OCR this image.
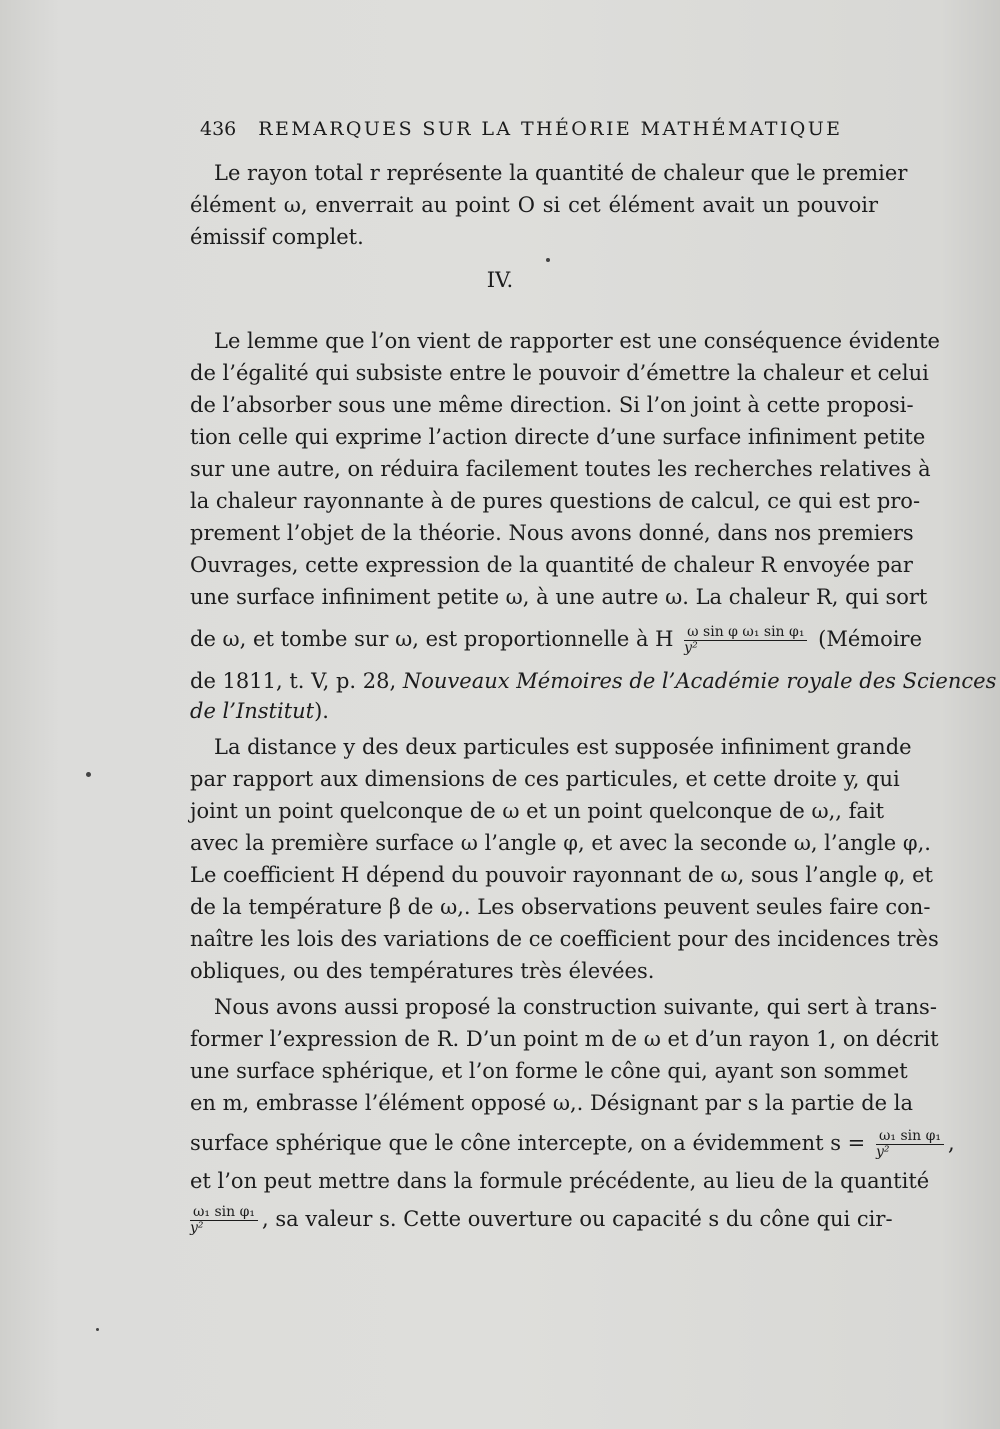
436 REMARQUES SUR LA THÉORIE MATHÉMATIQUE
Le rayon total r représente la quantité de chaleur que le premier
élément ω, enverrait au point O si cet élément avait un pouvoir
émissif complet.
IV.
Le lemme que l’on vient de rapporter est une conséquence évidente
de l’égalité qui subsiste entre le pouvoir d’émettre la chaleur et celui
de l’absorber sous une même direction. Si l’on joint à cette proposi-
tion celle qui exprime l’action directe d’une surface infiniment petite
sur une autre, on réduira facilement toutes les recherches relatives à
la chaleur rayonnante à de pures questions de calcul, ce qui est pro-
prement l’objet de la théorie. Nous avons donné, dans nos premiers
Ouvrages, cette expression de la quantité de chaleur R envoyée par
une surface infiniment petite ω, à une autre ω. La chaleur R, qui sort
de ω, et tombe sur ω, est proportionnelle à H $\frac{\text{ω sin φ ω₁ sin φ₁}}{\text{y²}}$ (Mémoire
de 1811, t. V, p. 28, Nouveaux Mémoires de l’Académie royale des Sciences
de l’Institut).
La distance y des deux particules est supposée infiniment grande
par rapport aux dimensions de ces particules, et cette droite y, qui
joint un point quelconque de ω et un point quelconque de ω,, fait
avec la première surface ω l’angle φ, et avec la seconde ω, l’angle φ,.
Le coefficient H dépend du pouvoir rayonnant de ω, sous l’angle φ, et
de la température β de ω,. Les observations peuvent seules faire con-
naître les lois des variations de ce coefficient pour des incidences très
obliques, ou des températures très élevées.
Nous avons aussi proposé la construction suivante, qui sert à trans-
former l’expression de R. D’un point m de ω et d’un rayon 1, on décrit
une surface sphérique, et l’on forme le cône qui, ayant son sommet
en m, embrasse l’élément opposé ω,. Désignant par s la partie de la
surface sphérique que le cône intercepte, on a évidemment $s = \frac{\text{ω₁ sin φ₁}}{\text{y²}}$ ,
et l’on peut mettre dans la formule précédente, au lieu de la quantité
$\frac{\text{ω₁ sin φ₁}}{\text{y²}}$ , sa valeur s. Cette ouverture ou capacité s du cône qui cir-
